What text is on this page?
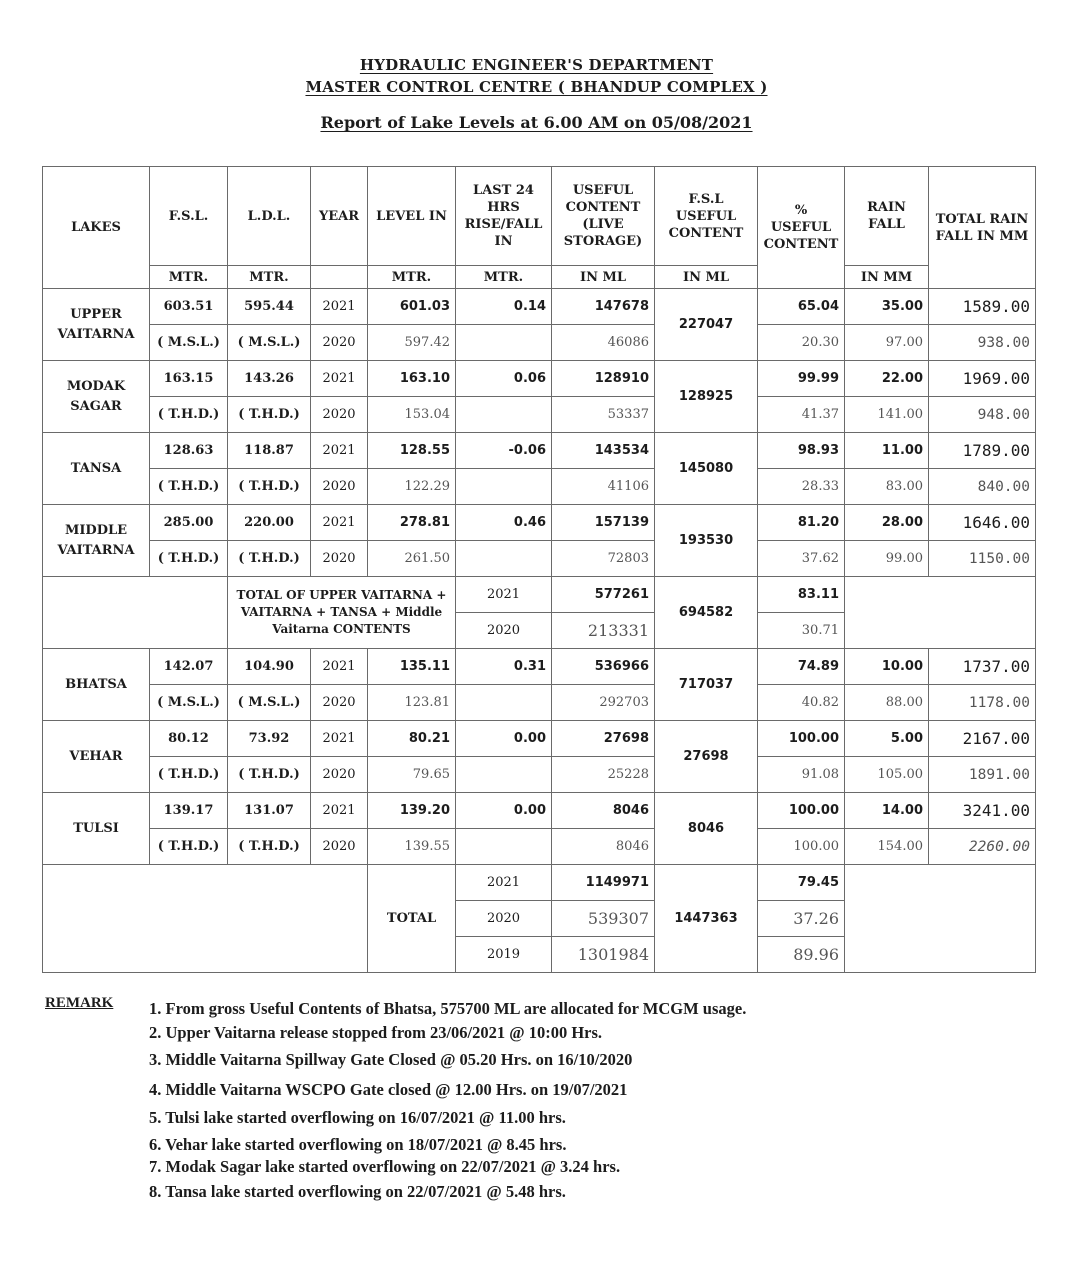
HYDRAULIC ENGINEER'S DEPARTMENT
MASTER CONTROL CENTRE ( BHANDUP COMPLEX )
Report of Lake Levels at 6.00 AM on 05/08/2021
LAKES	F.S.L.	L.D.L.	YEAR	LEVEL IN	LAST 24 HRS RISE/FALL IN	USEFUL CONTENT (LIVE STORAGE)	F.S.L USEFUL CONTENT	% USEFUL CONTENT	RAIN FALL	TOTAL RAIN FALL IN MM
	MTR.	MTR.		MTR.	MTR.	IN ML	IN ML		IN MM	
UPPER VAITARNA	603.51	595.44	2021	601.03	0.14	147678	227047	65.04	35.00	1589.00
	( M.S.L.)	( M.S.L.)	2020	597.42		46086		20.30	97.00	938.00
MODAK SAGAR	163.15	143.26	2021	163.10	0.06	128910	128925	99.99	22.00	1969.00
	( T.H.D.)	( T.H.D.)	2020	153.04		53337		41.37	141.00	948.00
TANSA	128.63	118.87	2021	128.55	-0.06	143534	145080	98.93	11.00	1789.00
	( T.H.D.)	( T.H.D.)	2020	122.29		41106		28.33	83.00	840.00
MIDDLE VAITARNA	285.00	220.00	2021	278.81	0.46	157139	193530	81.20	28.00	1646.00
	( T.H.D.)	( T.H.D.)	2020	261.50		72803		37.62	99.00	1150.00
		TOTAL OF UPPER VAITARNA + VAITARNA + TANSA + Middle Vaitarna CONTENTS			2021	577261	694582	83.11		
					2020	213331		30.71		
BHATSA	142.07	104.90	2021	135.11	0.31	536966	717037	74.89	10.00	1737.00
	( M.S.L.)	( M.S.L.)	2020	123.81		292703		40.82	88.00	1178.00
VEHAR	80.12	73.92	2021	80.21	0.00	27698	27698	100.00	5.00	2167.00
	( T.H.D.)	( T.H.D.)	2020	79.65		25228		91.08	105.00	1891.00
TULSI	139.17	131.07	2021	139.20	0.00	8046	8046	100.00	14.00	3241.00
	( T.H.D.)	( T.H.D.)	2020	139.55		8046		100.00	154.00	2260.00
				TOTAL	2021	1149971	1447363	79.45		
					2020	539307		37.26		
					2019	1301984		89.96		
REMARK 1. From gross Useful Contents of Bhatsa, 575700 ML are allocated for MCGM usage.
2. Upper Vaitarna release stopped from 23/06/2021 @ 10:00 Hrs.
3. Middle Vaitarna Spillway Gate Closed @ 05.20 Hrs. on 16/10/2020
4. Middle Vaitarna WSCPO Gate closed @ 12.00 Hrs. on 19/07/2021
5. Tulsi lake started overflowing on 16/07/2021 @ 11.00 hrs.
6. Vehar lake started overflowing on 18/07/2021 @ 8.45 hrs.
7. Modak Sagar lake started overflowing on 22/07/2021 @ 3.24 hrs.
8. Tansa lake started overflowing on 22/07/2021 @ 5.48 hrs.
